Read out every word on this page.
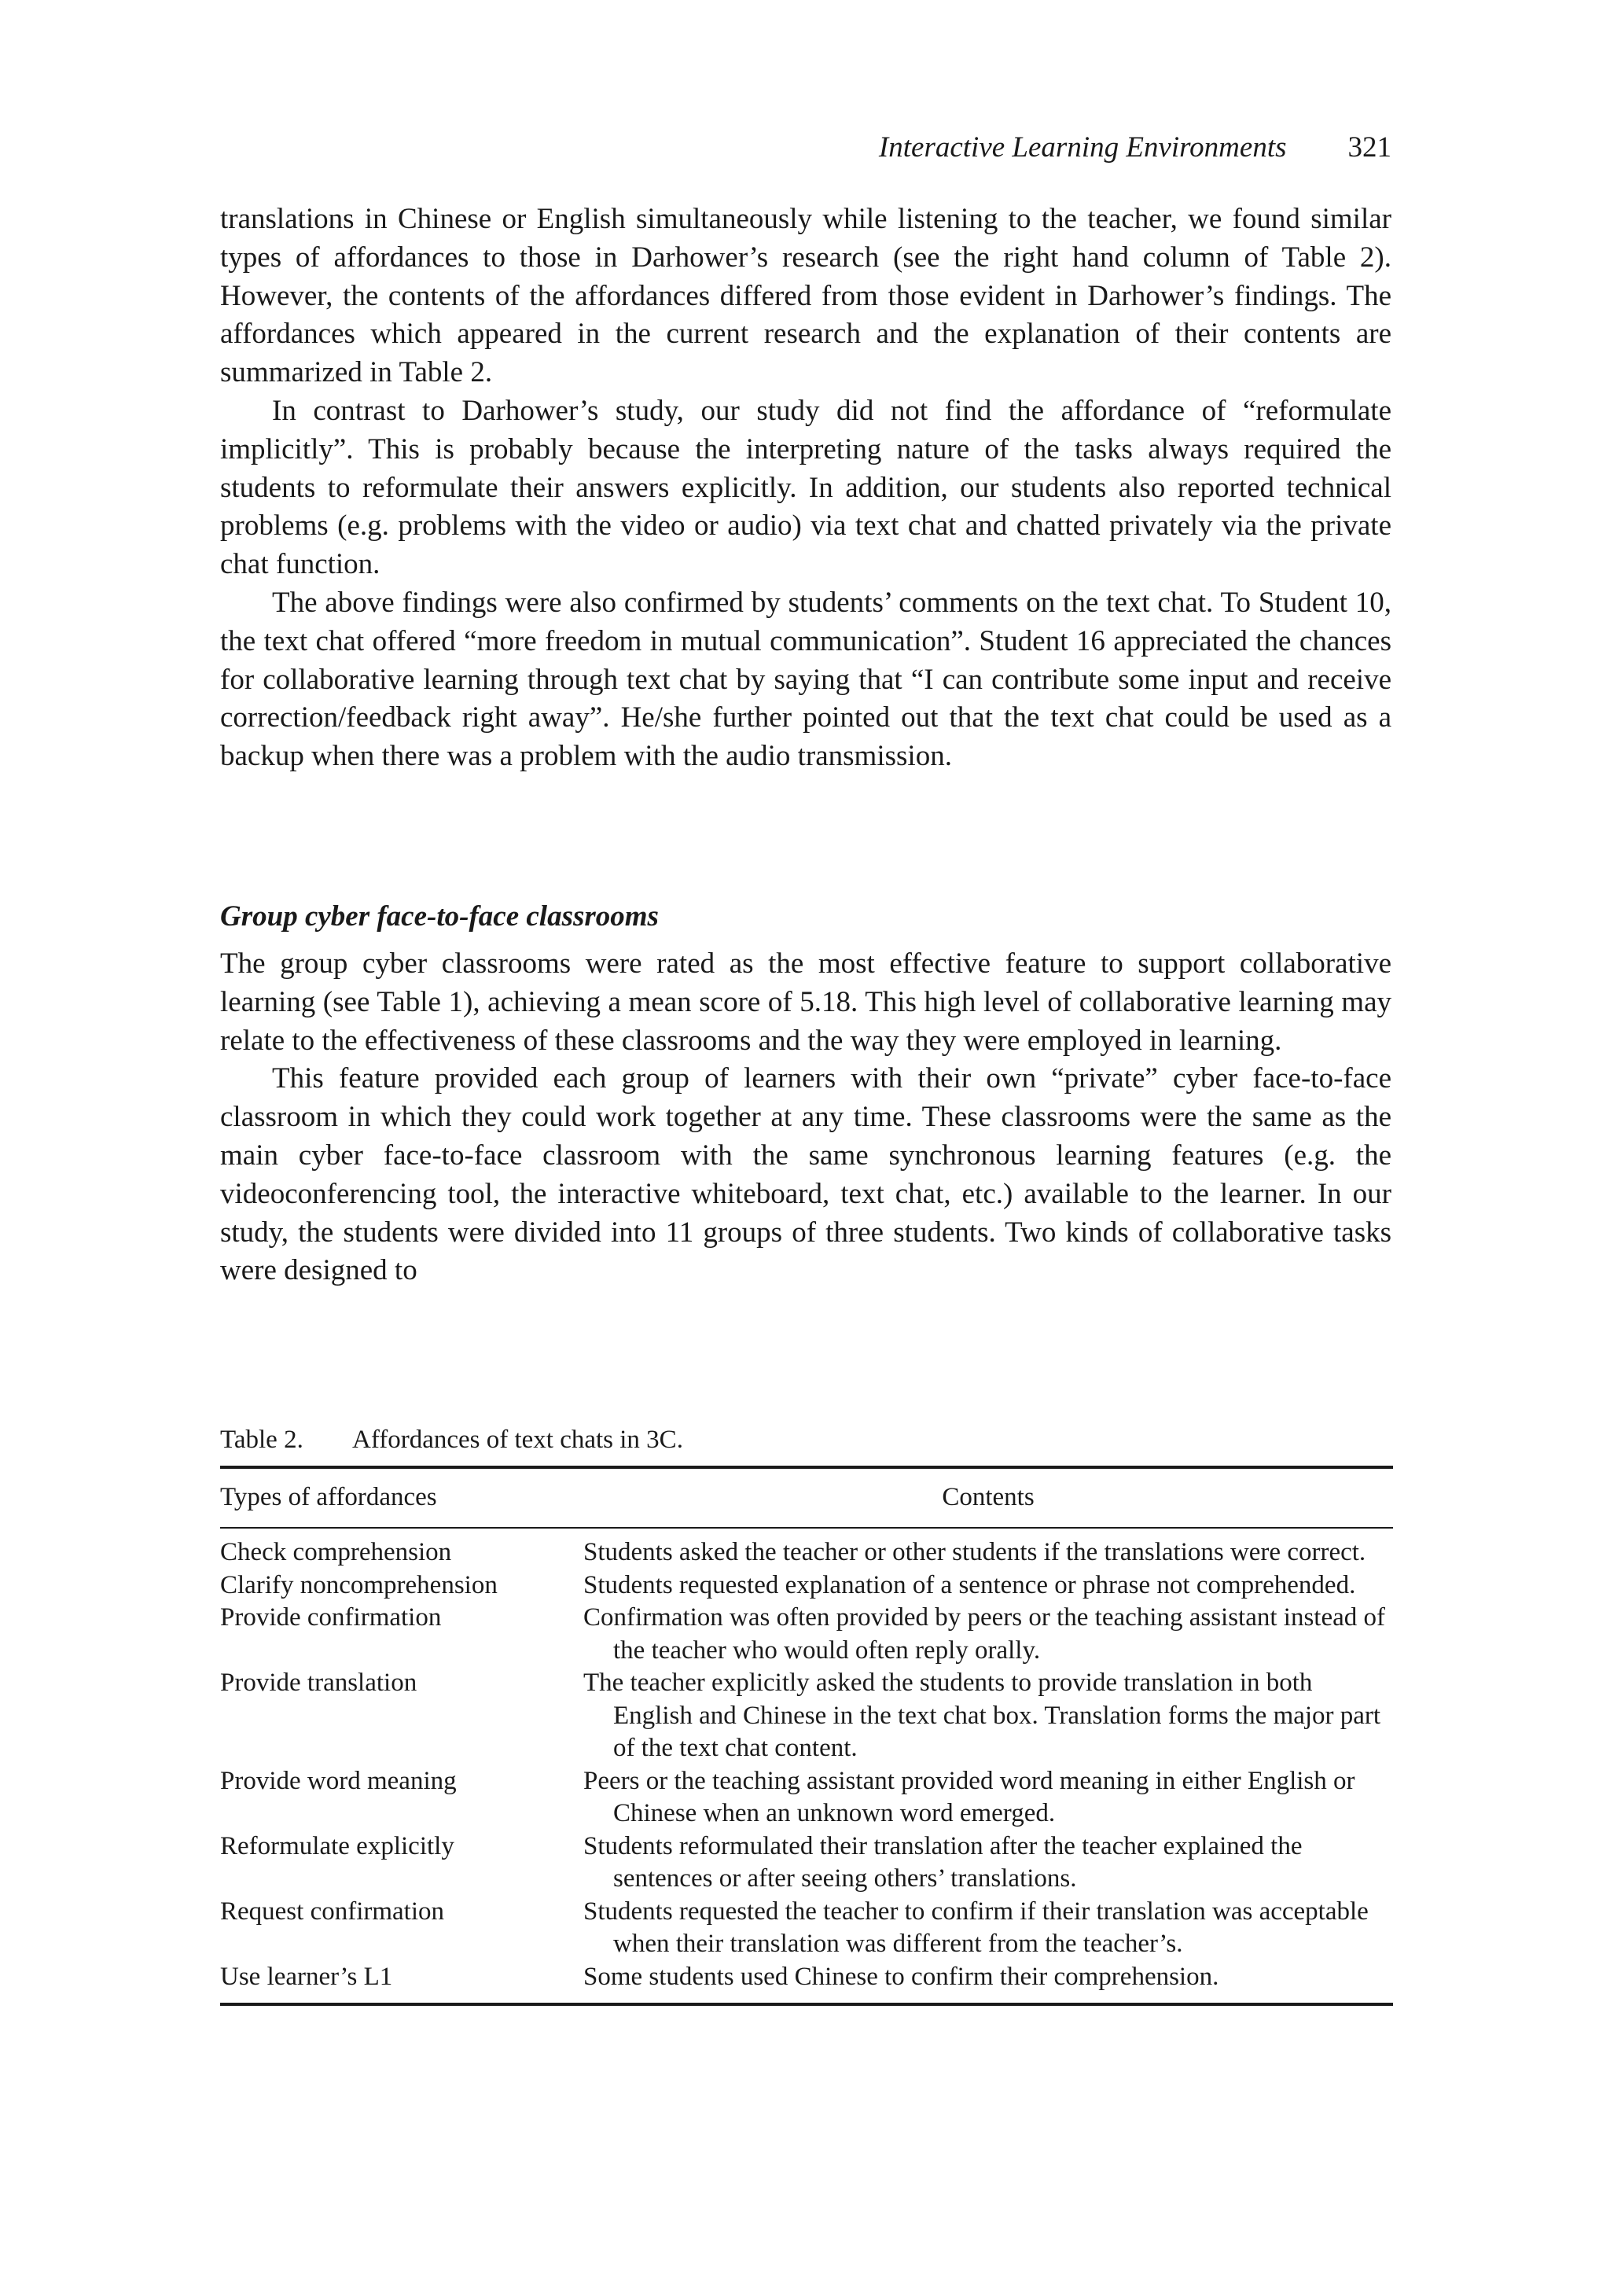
Interactive Learning Environments 321

translations in Chinese or English simultaneously while listening to the teacher, we found similar types of affordances to those in Darhower’s research (see the right hand column of Table 2). However, the contents of the affordances differed from those evident in Darhower’s findings. The affordances which appeared in the current research and the explanation of their contents are summarized in Table 2.

In contrast to Darhower’s study, our study did not find the affordance of “reformulate implicitly”. This is probably because the interpreting nature of the tasks always required the students to reformulate their answers explicitly. In addition, our students also reported technical problems (e.g. problems with the video or audio) via text chat and chatted privately via the private chat function.

The above findings were also confirmed by students’ comments on the text chat. To Student 10, the text chat offered “more freedom in mutual communication”. Student 16 appreciated the chances for collaborative learning through text chat by saying that “I can contribute some input and receive correction/feedback right away”. He/she further pointed out that the text chat could be used as a backup when there was a problem with the audio transmission.

Group cyber face-to-face classrooms

The group cyber classrooms were rated as the most effective feature to support collaborative learning (see Table 1), achieving a mean score of 5.18. This high level of collaborative learning may relate to the effectiveness of these classrooms and the way they were employed in learning.

This feature provided each group of learners with their own “private” cyber face-to-face classroom in which they could work together at any time. These classrooms were the same as the main cyber face-to-face classroom with the same synchronous learning features (e.g. the videoconferencing tool, the interactive whiteboard, text chat, etc.) available to the learner. In our study, the students were divided into 11 groups of three students. Two kinds of collaborative tasks were designed to

Table 2. Affordances of text chats in 3C.
Types of affordances	Contents
Check comprehension	Students asked the teacher or other students if the translations were correct.
Clarify noncomprehension	Students requested explanation of a sentence or phrase not comprehended.
Provide confirmation	Confirmation was often provided by peers or the teaching assistant instead of the teacher who would often reply orally.
Provide translation	The teacher explicitly asked the students to provide translation in both English and Chinese in the text chat box. Translation forms the major part of the text chat content.
Provide word meaning	Peers or the teaching assistant provided word meaning in either English or Chinese when an unknown word emerged.
Reformulate explicitly	Students reformulated their translation after the teacher explained the sentences or after seeing others’ translations.
Request confirmation	Students requested the teacher to confirm if their translation was acceptable when their translation was different from the teacher’s.
Use learner’s L1	Some students used Chinese to confirm their comprehension.
